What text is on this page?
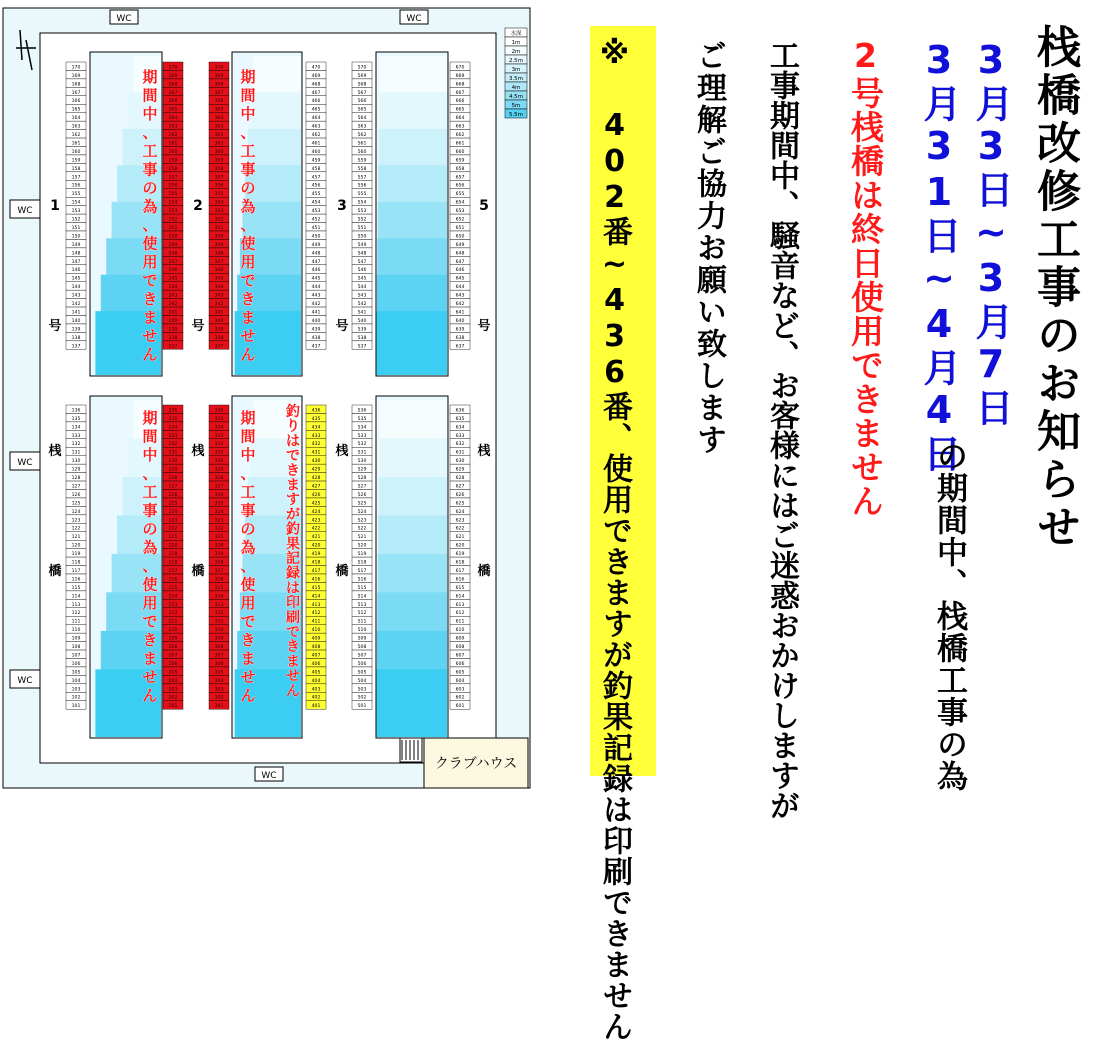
WC	WC
WC
WC
WC
WC
クラブハウス
水深
1m
2m
2.5m
3m
3.5m
4m
4.5m
5m
5.5m
170
169
168
167
166
165
164
163
162
161
160
159
158
157
156
155
154
153
152
151
150
149
148
147
146
145
144
143
142
141
140
139
138
137
270
269
268
267
266
265
264
263
262
261
260
259
258
257
256
255
254
253
252
251
250
249
248
247
246
245
244
243
242
241
240
239
238
237
370
369
368
367
366
365
364
363
362
361
360
359
358
357
356
355
354
353
352
351
350
349
348
347
346
345
344
343
342
341
340
339
338
337
470
469
468
467
466
465
464
463
462
461
460
459
458
457
456
455
454
453
452
451
450
449
448
447
446
445
444
443
442
441
440
439
438
437
570
569
568
567
566
565
564
563
562
561
560
559
558
557
556
555
554
553
552
551
550
549
548
547
546
545
544
543
542
541
540
539
538
537
670
669
668
667
666
665
664
663
662
661
660
659
658
657
656
655
654
653
652
651
650
649
648
647
646
645
644
643
642
641
640
639
638
637
136
135
134
133
132
131
130
129
128
127
126
125
124
123
122
121
120
119
118
117
116
115
114
113
112
111
110
109
108
107
106
105
104
103
102
101
236
235
234
233
232
231
230
229
228
227
226
225
224
223
222
221
220
219
218
217
216
215
214
213
212
211
210
209
208
207
206
205
204
203
202
201
336
335
334
333
332
331
330
329
328
327
326
325
324
323
322
321
320
319
318
317
316
315
314
313
312
311
310
309
308
307
306
305
304
303
302
301
436
435
434
433
432
431
430
429
428
427
426
425
424
423
422
421
420
419
418
417
416
415
414
413
412
411
410
409
408
407
406
405
404
403
402
401
536
535
534
533
532
531
530
529
528
527
526
525
524
523
522
521
520
519
518
517
516
515
514
513
512
511
510
509
508
507
506
505
504
503
502
501
636
635
634
633
632
631
630
629
628
627
626
625
624
623
622
621
620
619
618
617
616
615
614
613
612
611
610
609
608
607
606
605
604
603
602
601
1
号
桟
橋
2
号
桟
橋
3
号
桟
橋
5
号
桟
橋
期
間
中
、
工
事
の
為
、
使
用
で
き
ま
せ
ん
期
間
中
、
工
事
の
為
、
使
用
で
き
ま
せ
ん
期
間
中
、
工
事
の
為
、
使
用
で
き
ま
せ
ん
期
間
中
、
工
事
の
為
、
使
用
で
き
ま
せ
ん
釣
り
は
で
き
ま
す
が
釣
果
記
録
は
印
刷
で
き
ま
せ
ん
栈橋改修工事のお知らせ
3月3日~3月7日
3月31日~4月4日
の期間中、栈橋工事の為
2号桟橋は終日使用できません
工事期間中、騒音など、お客様にはご迷惑おかけしますが
ご理解ご協力お願い致します
※ 402番~436番、使用できますが釣果記録は印刷できません
